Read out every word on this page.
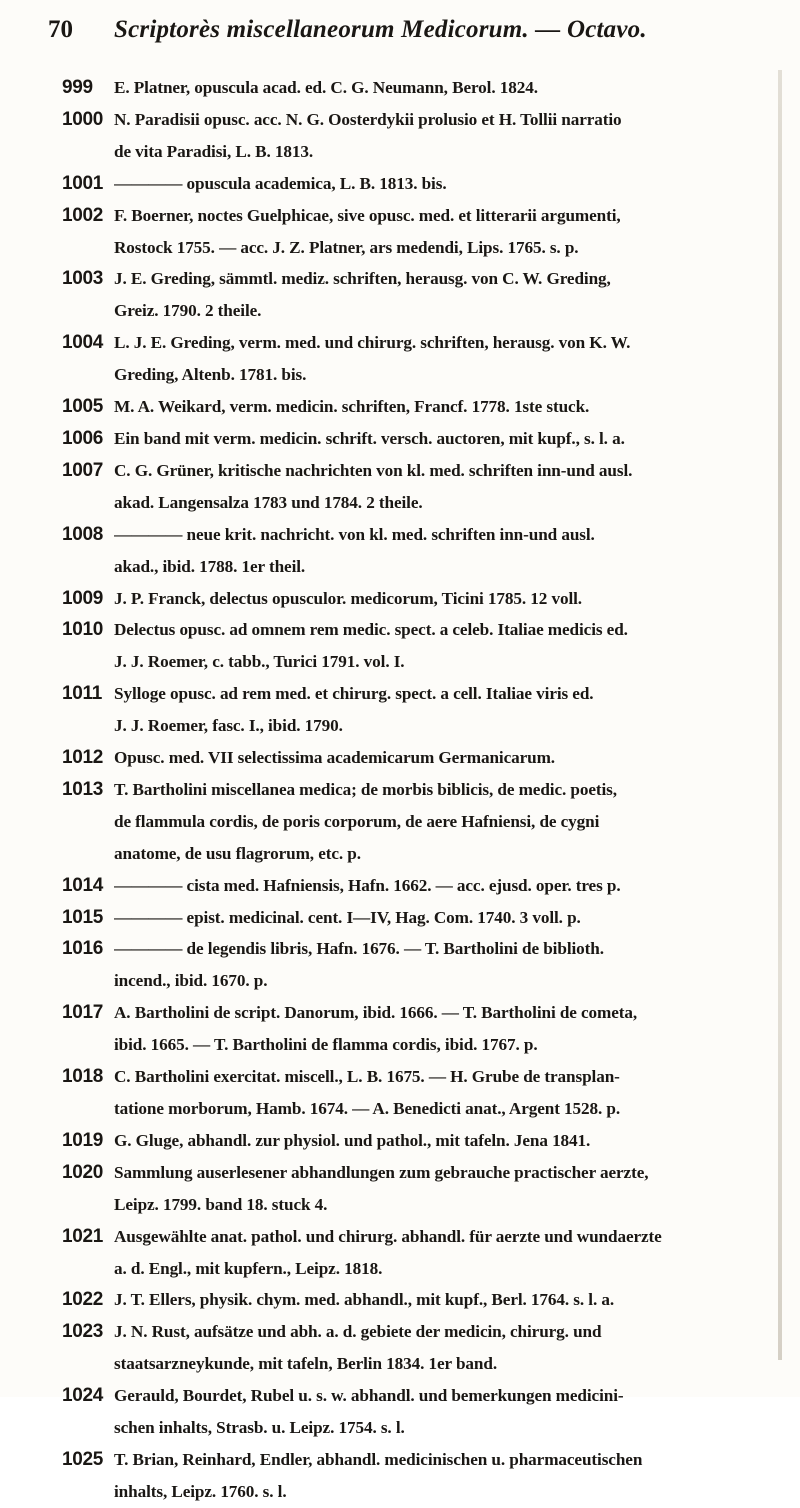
70 Scriptorès miscellaneorum Medicorum. — Octavo.
999 E. Platner, opuscula acad. ed. C. G. Neumann, Berol. 1824.
1000 N. Paradisii opusc. acc. N. G. Oosterdykii prolusio et H. Tollii narratio
de vita Paradisi, L. B. 1813.
1001 ———— opuscula academica, L. B. 1813. bis.
1002 F. Boerner, noctes Guelphicae, sive opusc. med. et litterarii argumenti,
Rostock 1755. — acc. J. Z. Platner, ars medendi, Lips. 1765. s. p.
1003 J. E. Greding, sämmtl. mediz. schriften, herausg. von C. W. Greding,
Greiz. 1790. 2 theile.
1004 L. J. E. Greding, verm. med. und chirurg. schriften, herausg. von K. W.
Greding, Altenb. 1781. bis.
1005 M. A. Weikard, verm. medicin. schriften, Francf. 1778. 1ste stuck.
1006 Ein band mit verm. medicin. schrift. versch. auctoren, mit kupf., s. l. a.
1007 C. G. Grüner, kritische nachrichten von kl. med. schriften inn-und ausl.
akad. Langensalza 1783 und 1784. 2 theile.
1008 ———— neue krit. nachricht. von kl. med. schriften inn-und ausl.
akad., ibid. 1788. 1er theil.
1009 J. P. Franck, delectus opusculor. medicorum, Ticini 1785. 12 voll.
1010 Delectus opusc. ad omnem rem medic. spect. a celeb. Italiae medicis ed.
J. J. Roemer, c. tabb., Turici 1791. vol. I.
1011 Sylloge opusc. ad rem med. et chirurg. spect. a cell. Italiae viris ed.
J. J. Roemer, fasc. I., ibid. 1790.
1012 Opusc. med. VII selectissima academicarum Germanicarum.
1013 T. Bartholini miscellanea medica; de morbis biblicis, de medic. poetis,
de flammula cordis, de poris corporum, de aere Hafniensi, de cygni
anatome, de usu flagrorum, etc. p.
1014 ———— cista med. Hafniensis, Hafn. 1662. — acc. ejusd. oper. tres p.
1015 ———— epist. medicinal. cent. I—IV, Hag. Com. 1740. 3 voll. p.
1016 ———— de legendis libris, Hafn. 1676. — T. Bartholini de biblioth.
incend., ibid. 1670. p.
1017 A. Bartholini de script. Danorum, ibid. 1666. — T. Bartholini de cometa,
ibid. 1665. — T. Bartholini de flamma cordis, ibid. 1767. p.
1018 C. Bartholini exercitat. miscell., L. B. 1675. — H. Grube de transplan-
tatione morborum, Hamb. 1674. — A. Benedicti anat., Argent 1528. p.
1019 G. Gluge, abhandl. zur physiol. und pathol., mit tafeln. Jena 1841.
1020 Sammlung auserlesener abhandlungen zum gebrauche practischer aerzte,
Leipz. 1799. band 18. stuck 4.
1021 Ausgewählte anat. pathol. und chirurg. abhandl. für aerzte und wundaerzte
a. d. Engl., mit kupfern., Leipz. 1818.
1022 J. T. Ellers, physik. chym. med. abhandl., mit kupf., Berl. 1764. s. l. a.
1023 J. N. Rust, aufsätze und abh. a. d. gebiete der medicin, chirurg. und
staatsarzneykunde, mit tafeln, Berlin 1834. 1er band.
1024 Gerauld, Bourdet, Rubel u. s. w. abhandl. und bemerkungen medicini-
schen inhalts, Strasb. u. Leipz. 1754. s. l.
1025 T. Brian, Reinhard, Endler, abhandl. medicinischen u. pharmaceutischen
inhalts, Leipz. 1760. s. l.
